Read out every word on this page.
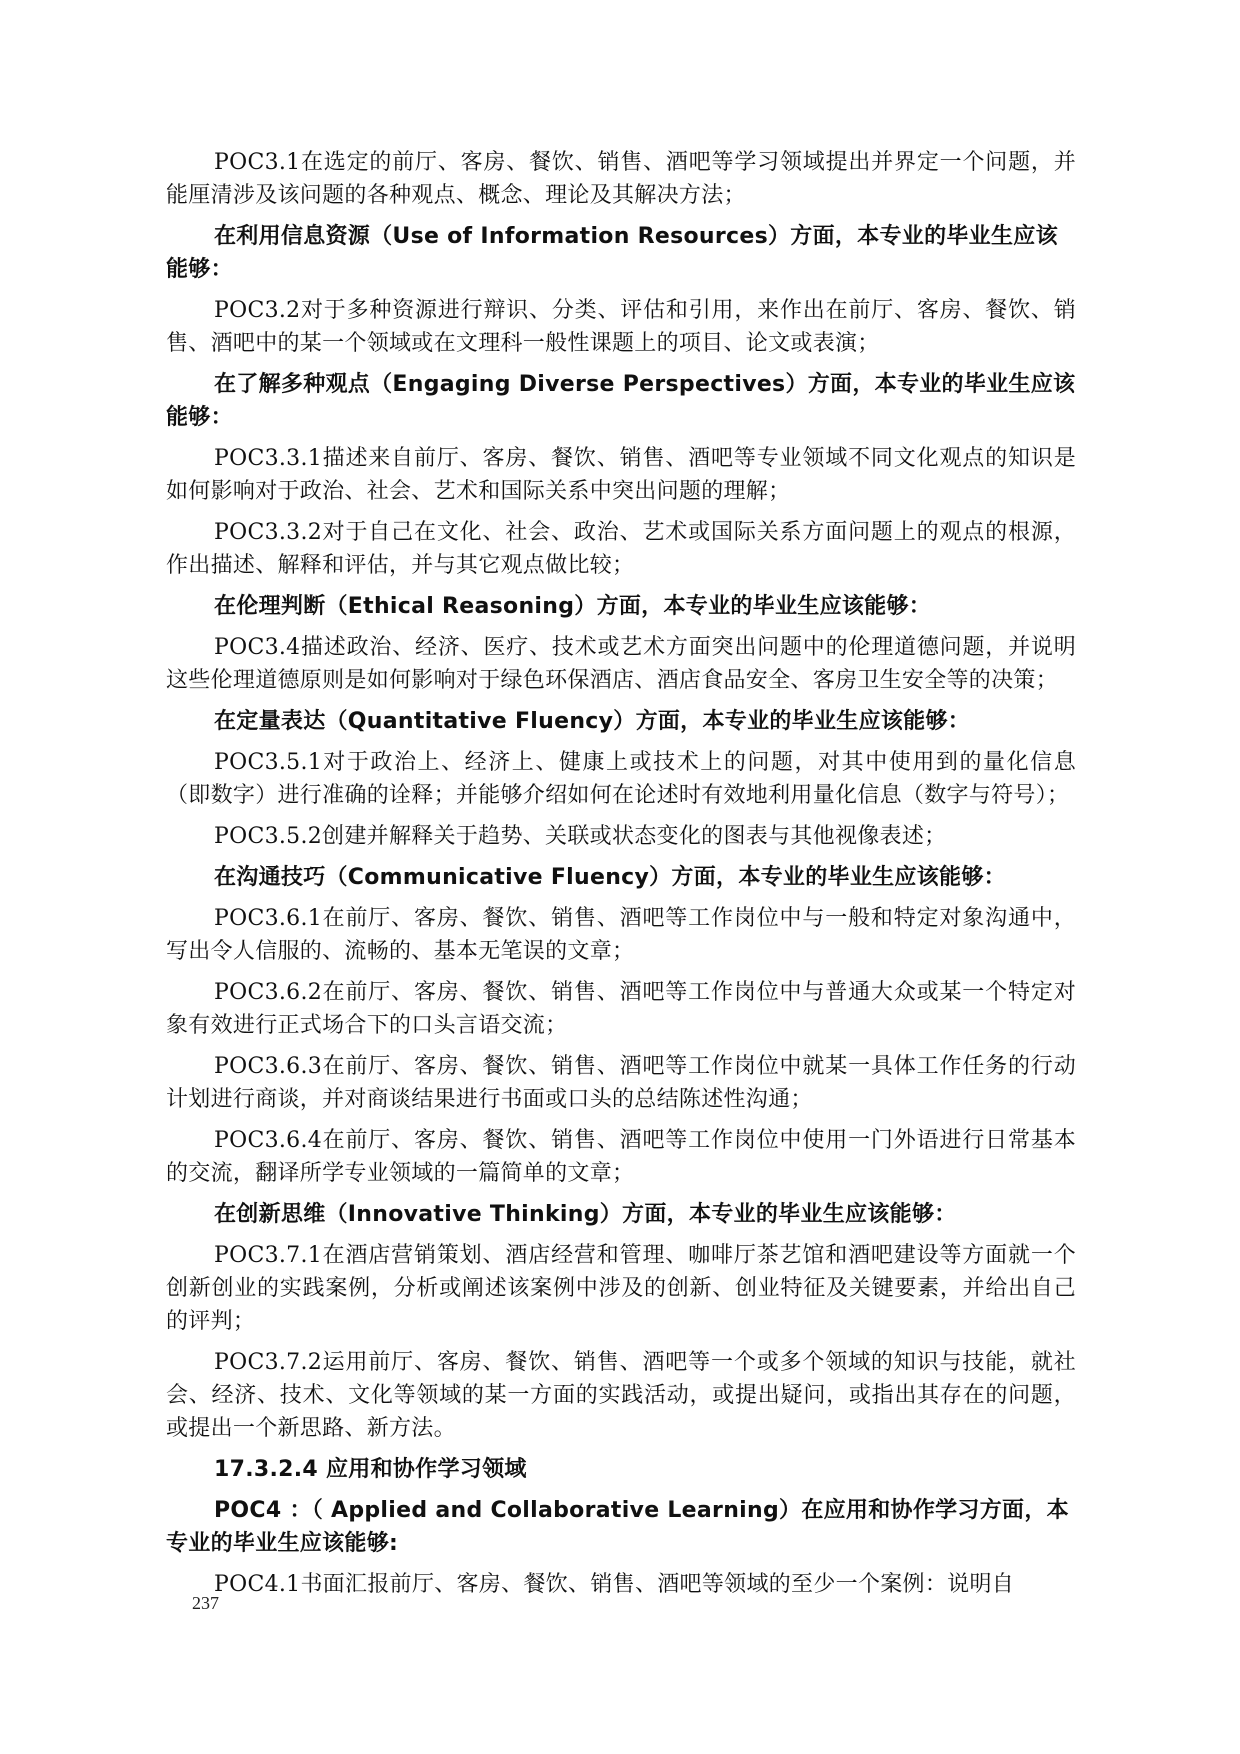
POC3.1在选定的前厅、客房、餐饮、销售、酒吧等学习领域提出并界定一个问题，并能厘清涉及该问题的各种观点、概念、理论及其解决方法；

在利用信息资源（Use of Information Resources）方面，本专业的毕业生应该能够：

POC3.2对于多种资源进行辩识、分类、评估和引用，来作出在前厅、客房、餐饮、销售、酒吧中的某一个领域或在文理科一般性课题上的项目、论文或表演；

在了解多种观点（Engaging Diverse Perspectives）方面，本专业的毕业生应该能够：

POC3.3.1描述来自前厅、客房、餐饮、销售、酒吧等专业领域不同文化观点的知识是如何影响对于政治、社会、艺术和国际关系中突出问题的理解；

POC3.3.2对于自己在文化、社会、政治、艺术或国际关系方面问题上的观点的根源，作出描述、解释和评估，并与其它观点做比较；

在伦理判断（Ethical Reasoning）方面，本专业的毕业生应该能够：

POC3.4描述政治、经济、医疗、技术或艺术方面突出问题中的伦理道德问题，并说明这些伦理道德原则是如何影响对于绿色环保酒店、酒店食品安全、客房卫生安全等的决策；

在定量表达（Quantitative Fluency）方面，本专业的毕业生应该能够：

POC3.5.1对于政治上、经济上、健康上或技术上的问题，对其中使用到的量化信息（即数字）进行准确的诠释；并能够介绍如何在论述时有效地利用量化信息（数字与符号）；

POC3.5.2创建并解释关于趋势、关联或状态变化的图表与其他视像表述；

在沟通技巧（Communicative Fluency）方面，本专业的毕业生应该能够：

POC3.6.1在前厅、客房、餐饮、销售、酒吧等工作岗位中与一般和特定对象沟通中，写出令人信服的、流畅的、基本无笔误的文章；

POC3.6.2在前厅、客房、餐饮、销售、酒吧等工作岗位中与普通大众或某一个特定对象有效进行正式场合下的口头言语交流；

POC3.6.3在前厅、客房、餐饮、销售、酒吧等工作岗位中就某一具体工作任务的行动计划进行商谈，并对商谈结果进行书面或口头的总结陈述性沟通；

POC3.6.4在前厅、客房、餐饮、销售、酒吧等工作岗位中使用一门外语进行日常基本的交流，翻译所学专业领域的一篇简单的文章；

在创新思维（Innovative Thinking）方面，本专业的毕业生应该能够：

POC3.7.1在酒店营销策划、酒店经营和管理、咖啡厅茶艺馆和酒吧建设等方面就一个创新创业的实践案例，分析或阐述该案例中涉及的创新、创业特征及关键要素，并给出自己的评判；

POC3.7.2运用前厅、客房、餐饮、销售、酒吧等一个或多个领域的知识与技能，就社会、经济、技术、文化等领域的某一方面的实践活动，或提出疑问，或指出其存在的问题，或提出一个新思路、新方法。

17.3.2.4 应用和协作学习领域

POC4 ：（ Applied and Collaborative Learning）在应用和协作学习方面，本专业的毕业生应该能够:

POC4.1书面汇报前厅、客房、餐饮、销售、酒吧等领域的至少一个案例：说明自

237
